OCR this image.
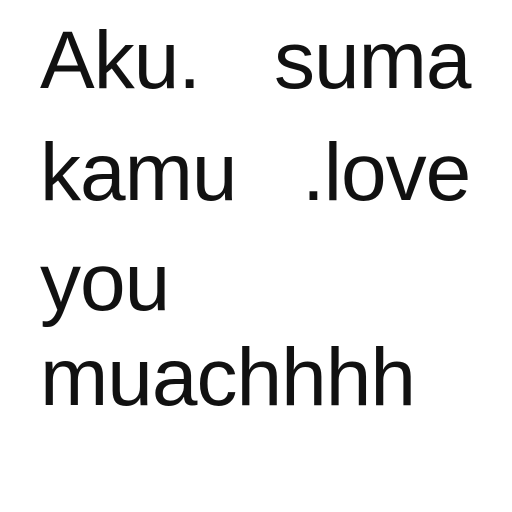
Aku. suma

kamu .love

you

muachhhh
